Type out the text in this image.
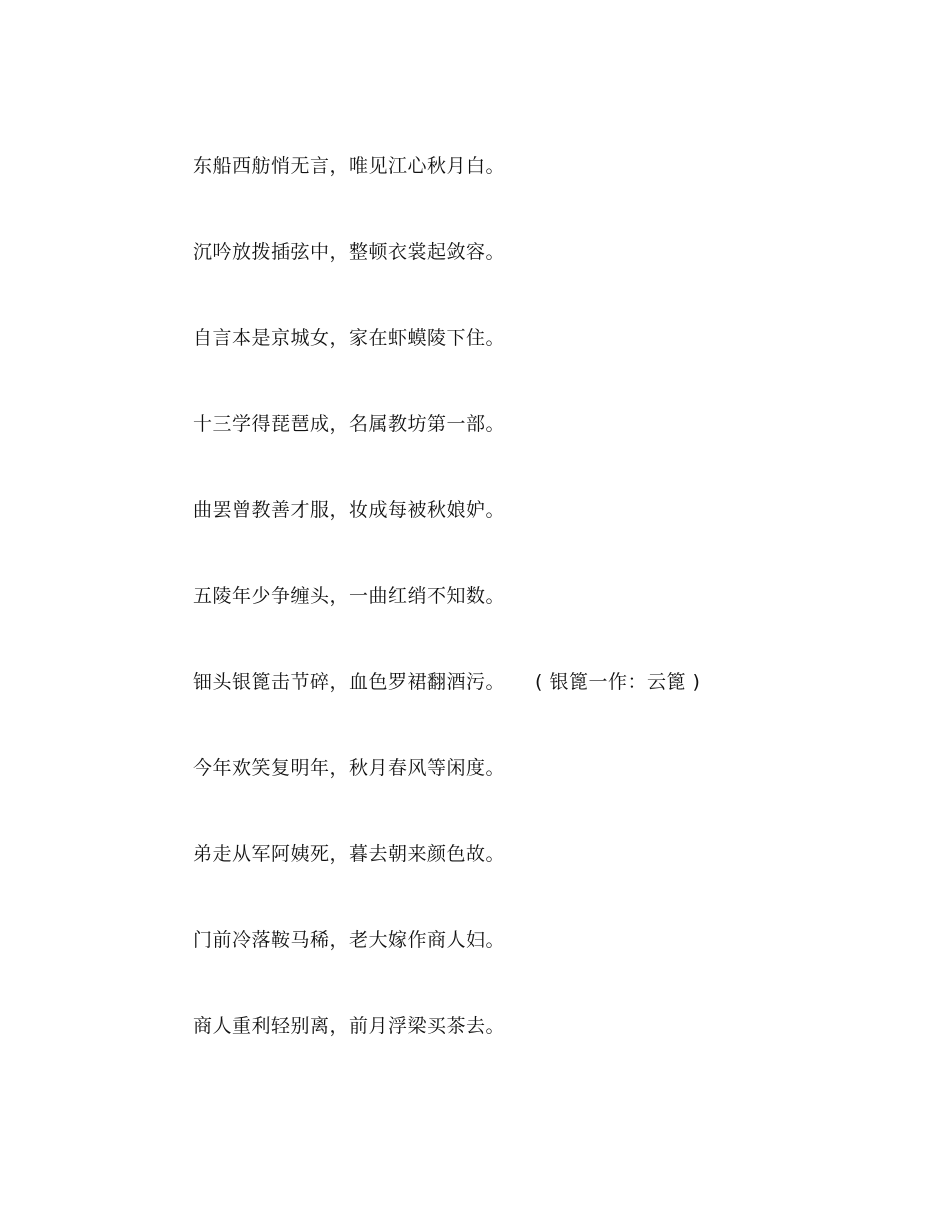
东船西舫悄无言，唯见江心秋月白。
沉吟放拨插弦中，整顿衣裳起敛容。
自言本是京城女，家在虾蟆陵下住。
十三学得琵琶成，名属教坊第一部。
曲罢曾教善才服，妆成每被秋娘妒。
五陵年少争缠头，一曲红绡不知数。
钿头银篦击节碎，血色罗裙翻酒污。 ( 银篦一作：云篦 )
今年欢笑复明年，秋月春风等闲度。
弟走从军阿姨死，暮去朝来颜色故。
门前冷落鞍马稀，老大嫁作商人妇。
商人重利轻别离，前月浮梁买茶去。
